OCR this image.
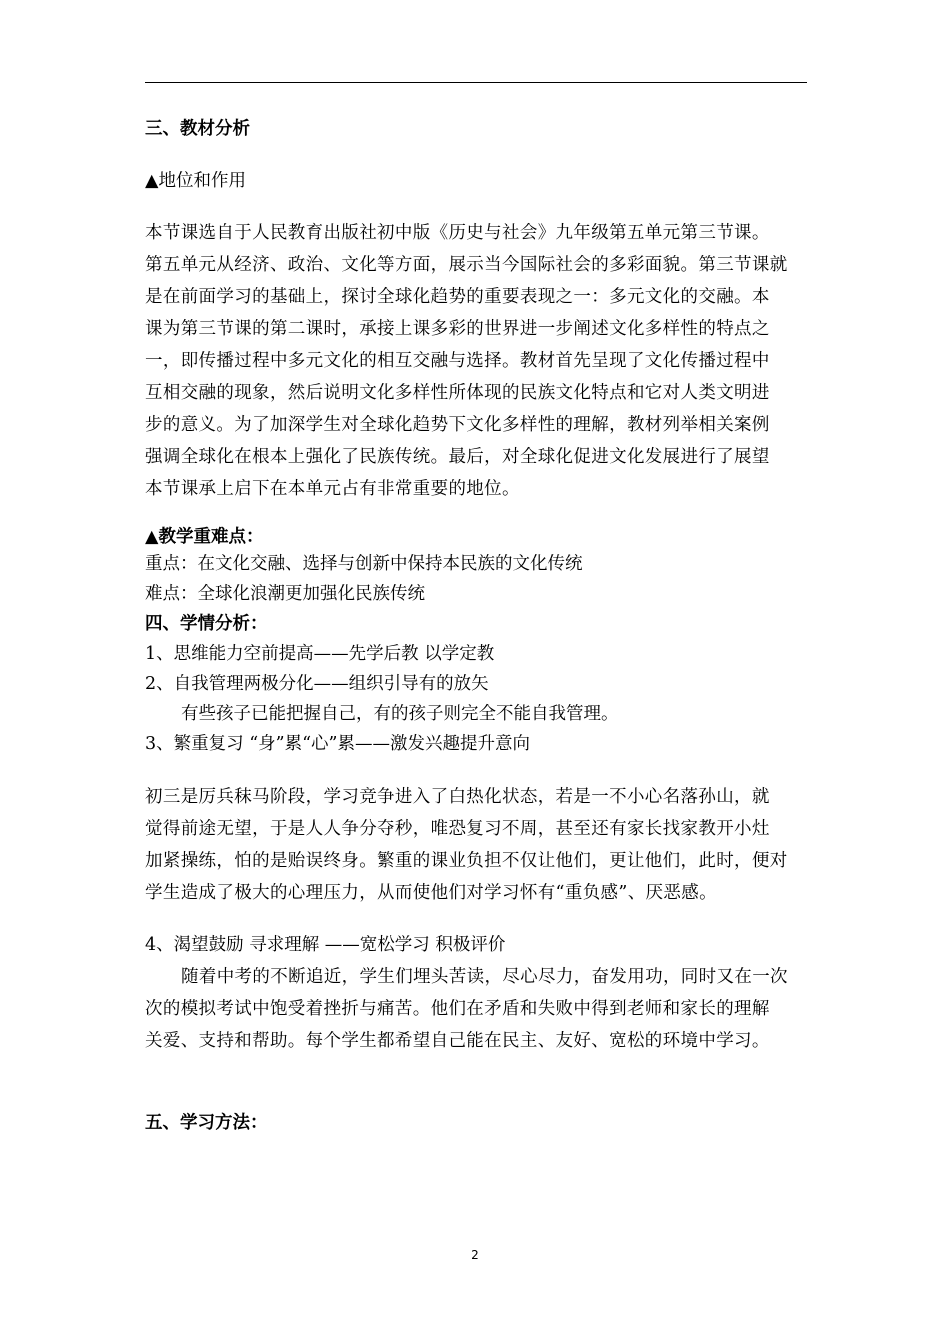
三、教材分析
▲地位和作用
本节课选自于人民教育出版社初中版《历史与社会》九年级第五单元第三节课。
第五单元从经济、政治、文化等方面，展示当今国际社会的多彩面貌。第三节课就
是在前面学习的基础上，探讨全球化趋势的重要表现之一：多元文化的交融。本
课为第三节课的第二课时，承接上课多彩的世界进一步阐述文化多样性的特点之
一，即传播过程中多元文化的相互交融与选择。教材首先呈现了文化传播过程中
互相交融的现象，然后说明文化多样性所体现的民族文化特点和它对人类文明进
步的意义。为了加深学生对全球化趋势下文化多样性的理解，教材列举相关案例
强调全球化在根本上强化了民族传统。最后，对全球化促进文化发展进行了展望
本节课承上启下在本单元占有非常重要的地位。
▲教学重难点：
重点：在文化交融、选择与创新中保持本民族的文化传统
难点：全球化浪潮更加强化民族传统
四、学情分析：
1、思维能力空前提高——先学后教 以学定教
2、自我管理两极分化——组织引导有的放矢
有些孩子已能把握自己，有的孩子则完全不能自我管理。
3、繁重复习 “身”累“心”累——激发兴趣提升意向
初三是厉兵秣马阶段，学习竞争进入了白热化状态，若是一不小心名落孙山，就
觉得前途无望，于是人人争分夺秒，唯恐复习不周，甚至还有家长找家教开小灶
加紧操练，怕的是贻误终身。繁重的课业负担不仅让他们，更让他们，此时，便对
学生造成了极大的心理压力，从而使他们对学习怀有“重负感”、厌恶感。
4、渴望鼓励 寻求理解 ——宽松学习 积极评价
随着中考的不断追近，学生们埋头苦读，尽心尽力，奋发用功，同时又在一次
次的模拟考试中饱受着挫折与痛苦。他们在矛盾和失败中得到老师和家长的理解
关爱、支持和帮助。每个学生都希望自己能在民主、友好、宽松的环境中学习。
五、学习方法：
2
